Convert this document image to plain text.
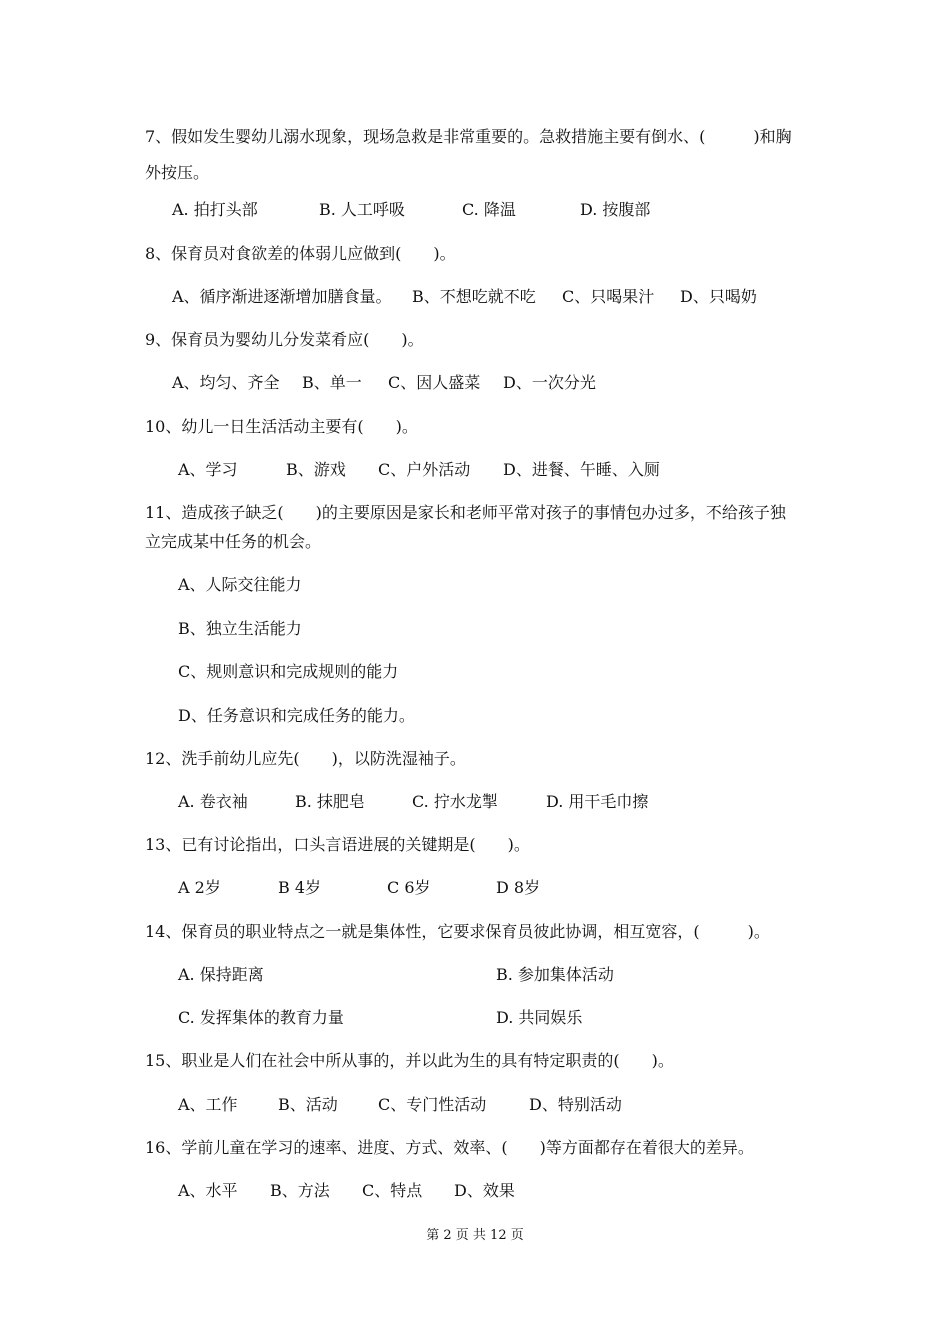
7、假如发生婴幼儿溺水现象，现场急救是非常重要的。急救措施主要有倒水、(　　　)和胸
外按压。
A. 拍打头部	B. 人工呼吸	C. 降温	D. 按腹部
8、保育员对食欲差的体弱儿应做到(　　)。
A、循序渐进逐渐增加膳食量。 B、不想吃就不吃 C、只喝果汁 D、只喝奶
9、保育员为婴幼儿分发菜肴应(　　)。
A、均匀、齐全 B、单一 C、因人盛菜 D、一次分光
10、幼儿一日生活活动主要有(　　)。
A、学习	B、游戏 C、户外活动 D、进餐、午睡、入厕
11、造成孩子缺乏(　　)的主要原因是家长和老师平常对孩子的事情包办过多，不给孩子独
立完成某中任务的机会。
A、人际交往能力
B、独立生活能力
C、规则意识和完成规则的能力
D、任务意识和完成任务的能力。
12、洗手前幼儿应先(　　)，以防洗湿袖子。
A. 卷衣袖	B. 抹肥皂	C. 拧水龙掣	D. 用干毛巾擦
13、已有讨论指出，口头言语进展的关键期是(　　)。
A 2岁	B 4岁	C 6岁	D 8岁
14、保育员的职业特点之一就是集体性，它要求保育员彼此协调，相互宽容，(　　　)。
A. 保持距离	B. 参加集体活动
C. 发挥集体的教育力量	D. 共同娱乐
15、职业是人们在社会中所从事的，并以此为生的具有特定职责的(　　)。
A、工作	B、活动	C、专门性活动	D、特别活动
16、学前儿童在学习的速率、进度、方式、效率、(　　)等方面都存在着很大的差异。
A、水平 B、方法 C、特点 D、效果
第 2 页 共 12 页
